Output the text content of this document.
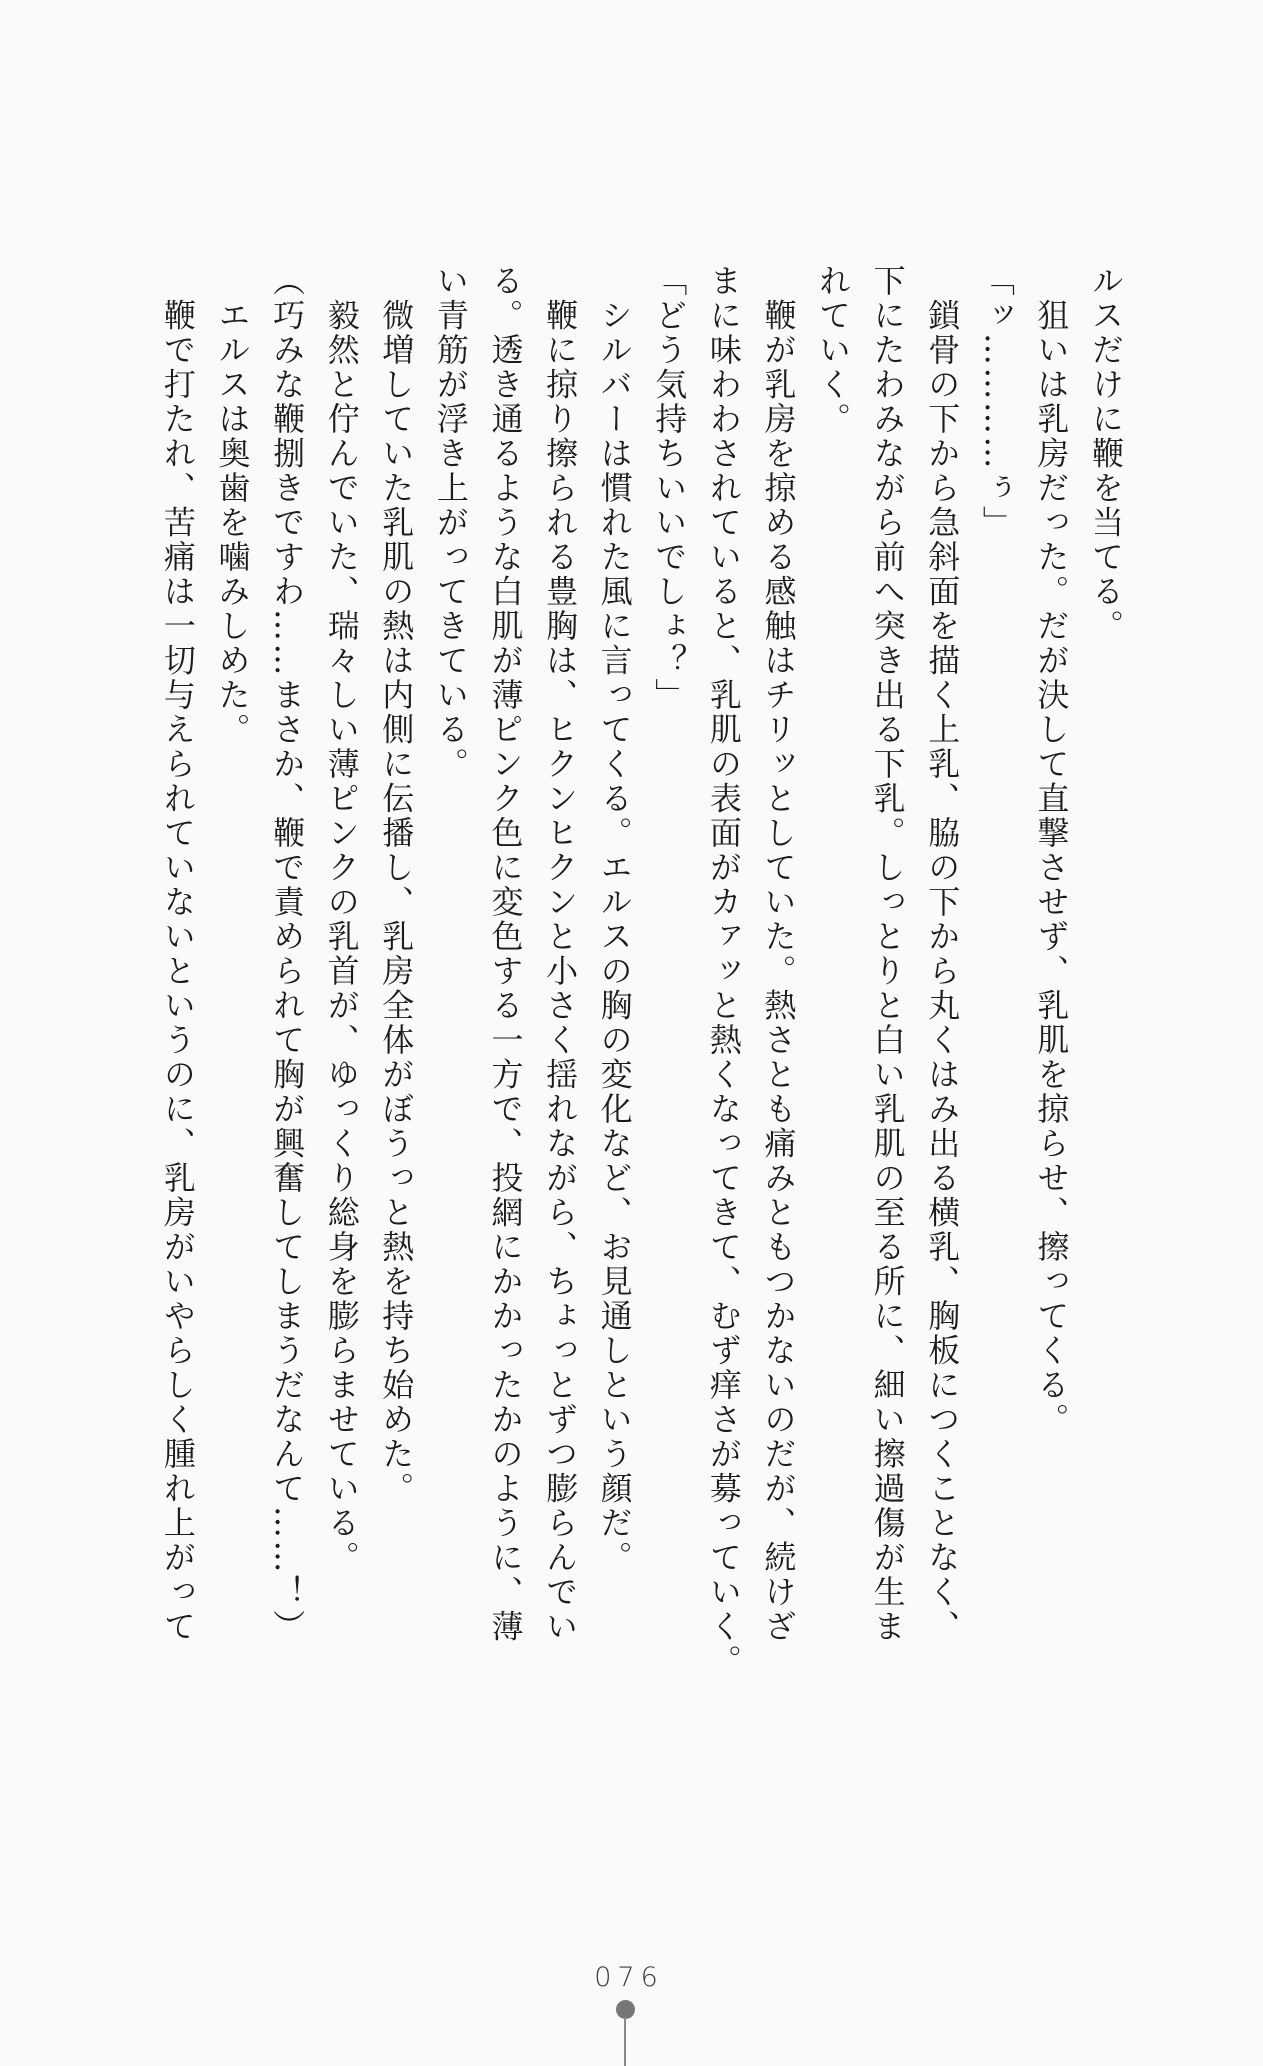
ルスだけに鞭を当てる。
　狙いは乳房だった。だが決して直撃させず、乳肌を掠らせ、擦ってくる。
「ッ…………ぅ」
　鎖骨の下から急斜面を描く上乳、脇の下から丸くはみ出る横乳、胸板につくことなく、
下にたわみながら前へ突き出る下乳。しっとりと白い乳肌の至る所に、細い擦過傷が生ま
れていく。
　鞭が乳房を掠める感触はチリッとしていた。熱さとも痛みともつかないのだが、続けざ
まに味わわされていると、乳肌の表面がカァッと熱くなってきて、むず痒さが募っていく。
「どう気持ちいいでしょ？」
　シルバーは慣れた風に言ってくる。エルスの胸の変化など、お見通しという顔だ。
　鞭に掠り擦られる豊胸は、ヒクンヒクンと小さく揺れながら、ちょっとずつ膨らんでい
る。透き通るような白肌が薄ピンク色に変色する一方で、投網にかかったかのように、薄
い青筋が浮き上がってきている。
　微増していた乳肌の熱は内側に伝播し、乳房全体がぼうっと熱を持ち始めた。
　毅然と佇んでいた、瑞々しい薄ピンクの乳首が、ゆっくり総身を膨らませている。
（巧みな鞭捌きですわ……まさか、鞭で責められて胸が興奮してしまうだなんて……！）
　エルスは奥歯を噛みしめた。
　鞭で打たれ、苦痛は一切与えられていないというのに、乳房がいやらしく腫れ上がって
076
